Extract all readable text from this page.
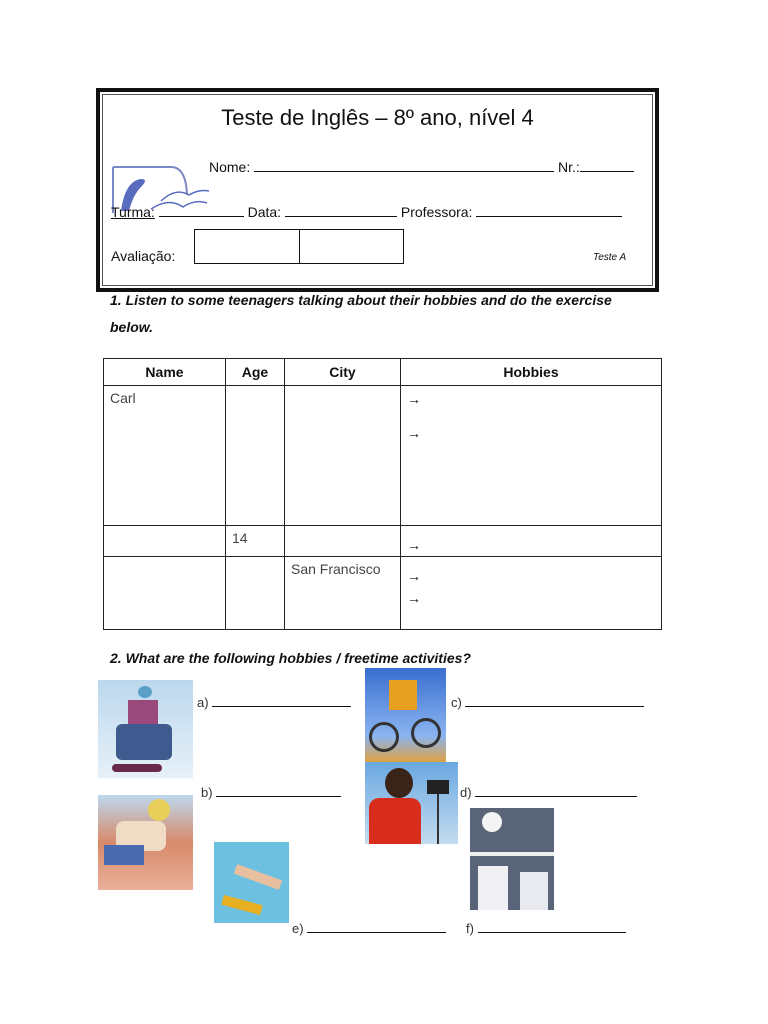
Teste de Inglês – 8º ano, nível 4
Nome:	Nr.:
Turma:	Data:	Professora:
Avaliação:	Teste A
1. Listen to some teenagers talking about their hobbies and do the exercise
below.
Name	Age	City	Hobbies
Carl			→
→

	14		→

		San Francisco	→
→
2. What are the following hobbies / freetime activities?
a)
b)
c)
d)
e)	f)
